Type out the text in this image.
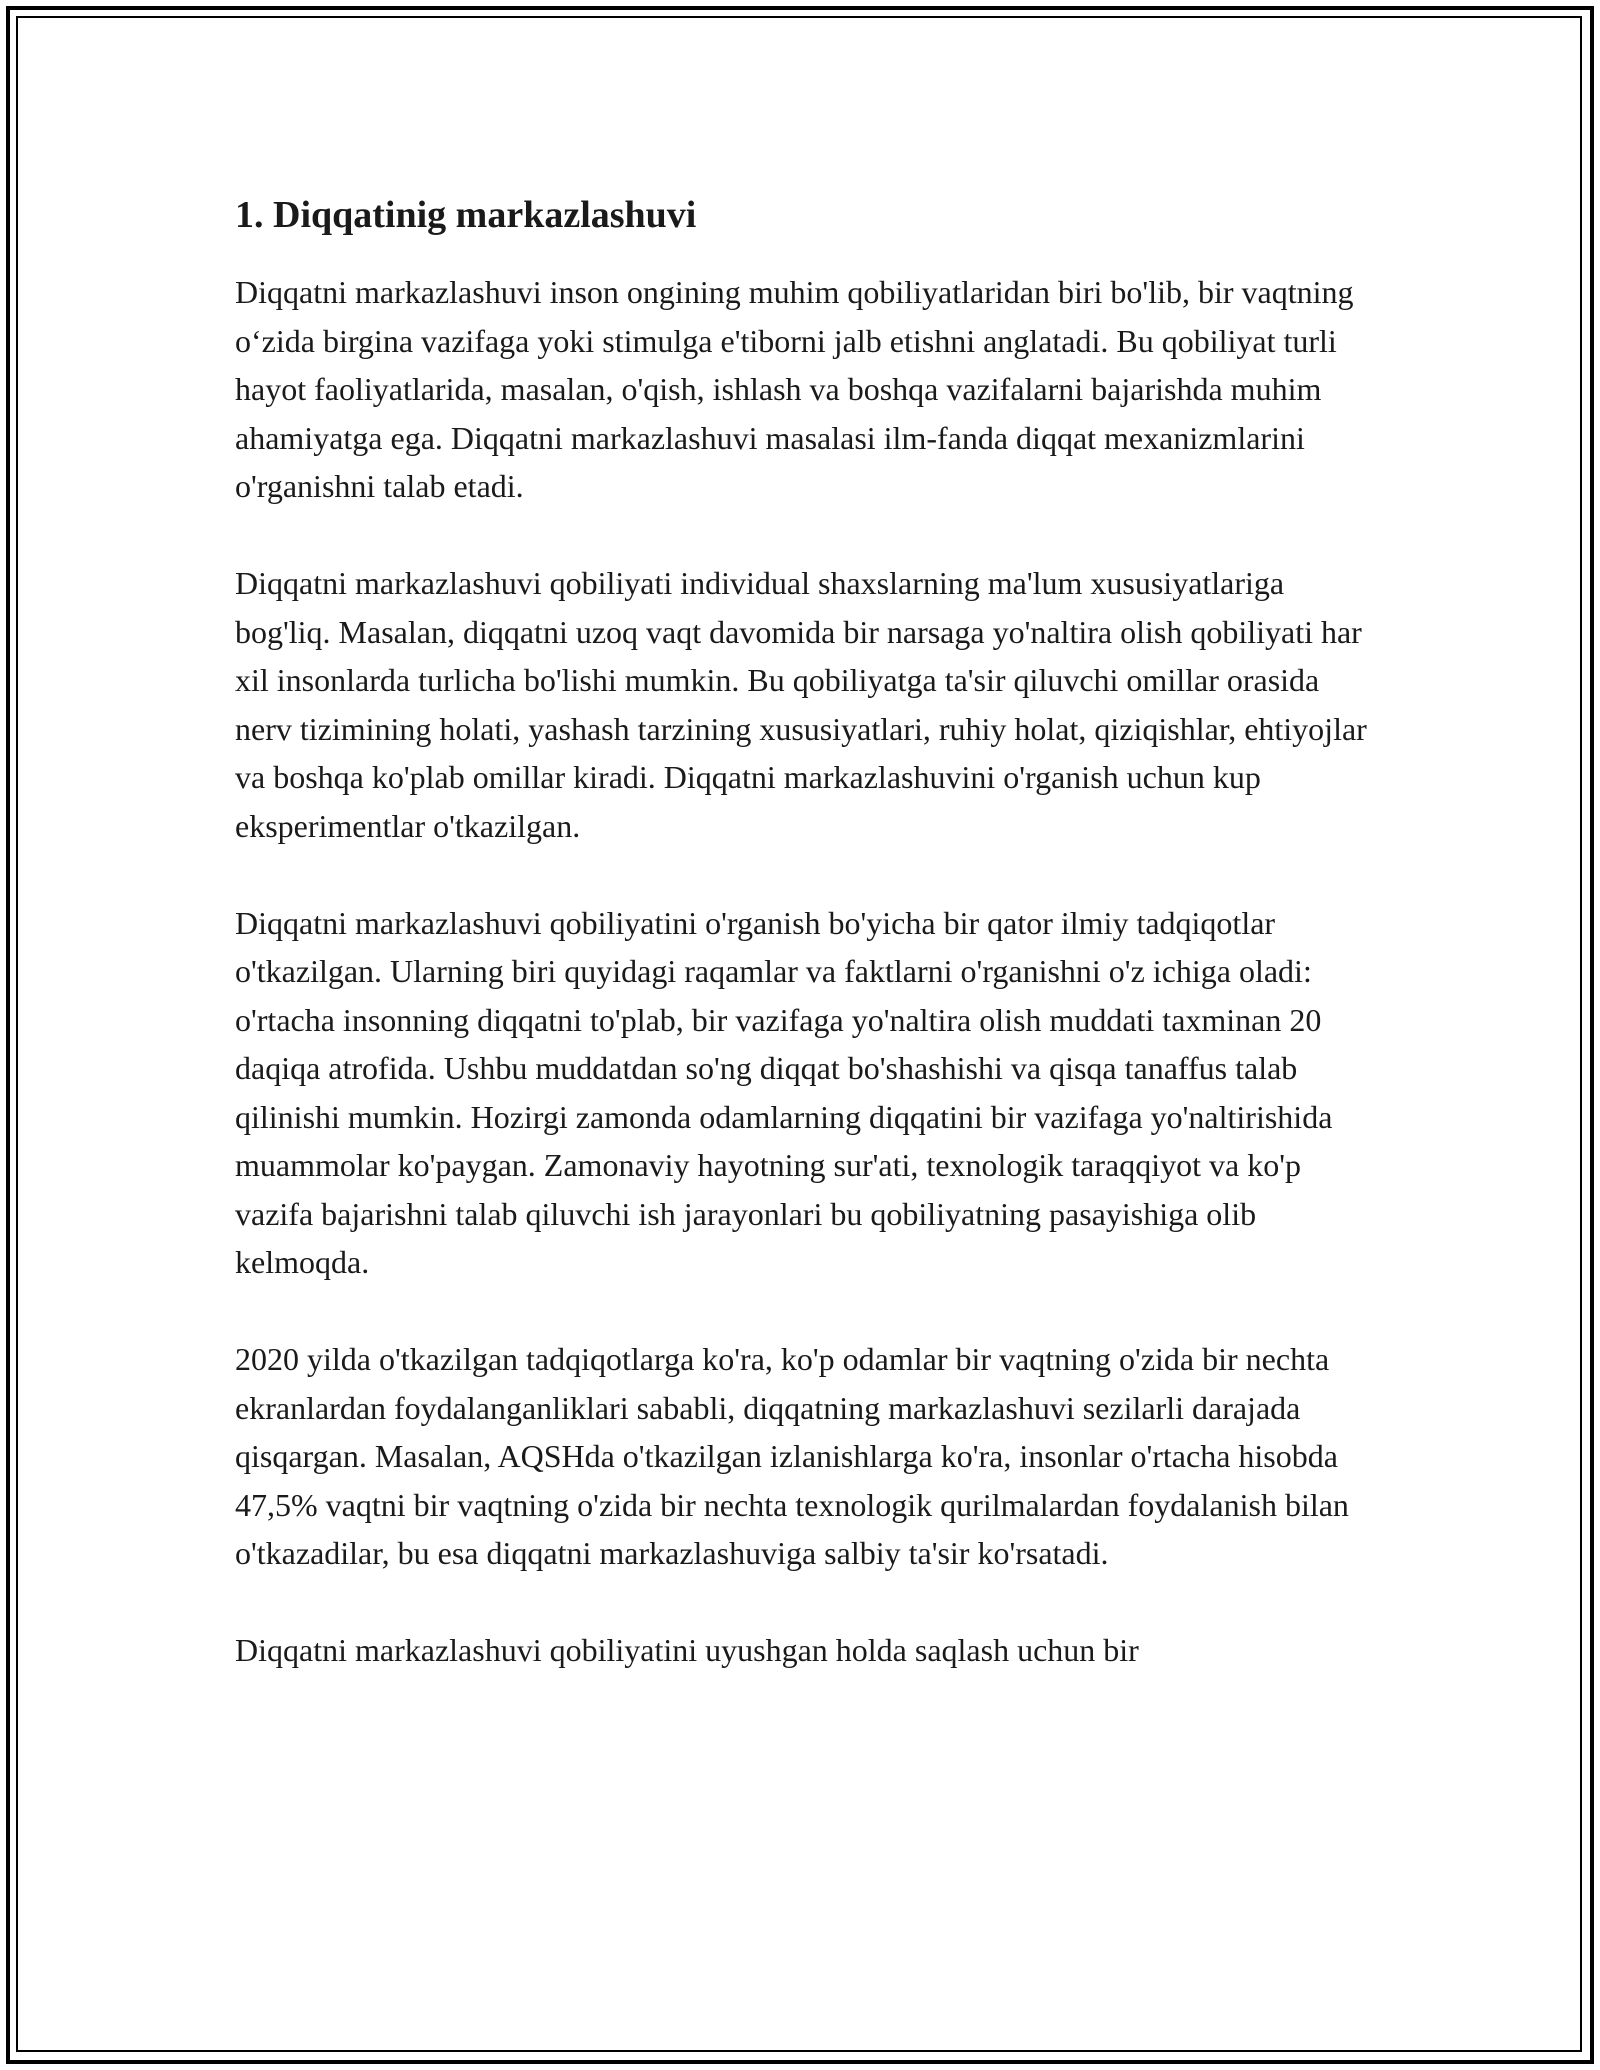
1. Diqqatinig markazlashuvi

Diqqatni markazlashuvi inson ongining muhim qobiliyatlaridan biri bo'lib, bir vaqtning o‘zida birgina vazifaga yoki stimulga e'tiborni jalb etishni anglatadi. Bu qobiliyat turli hayot faoliyatlarida, masalan, o'qish, ishlash va boshqa vazifalarni bajarishda muhim ahamiyatga ega. Diqqatni markazlashuvi masalasi ilm-fanda diqqat mexanizmlarini o'rganishni talab etadi.

Diqqatni markazlashuvi qobiliyati individual shaxslarning ma'lum xususiyatlariga bog'liq. Masalan, diqqatni uzoq vaqt davomida bir narsaga yo'naltira olish qobiliyati har xil insonlarda turlicha bo'lishi mumkin. Bu qobiliyatga ta'sir qiluvchi omillar orasida nerv tizimining holati, yashash tarzining xususiyatlari, ruhiy holat, qiziqishlar, ehtiyojlar va boshqa ko'plab omillar kiradi. Diqqatni markazlashuvini o'rganish uchun kup eksperimentlar o'tkazilgan.

Diqqatni markazlashuvi qobiliyatini o'rganish bo'yicha bir qator ilmiy tadqiqotlar o'tkazilgan. Ularning biri quyidagi raqamlar va faktlarni o'rganishni o'z ichiga oladi: o'rtacha insonning diqqatni to'plab, bir vazifaga yo'naltira olish muddati taxminan 20 daqiqa atrofida. Ushbu muddatdan so'ng diqqat bo'shashishi va qisqa tanaffus talab qilinishi mumkin. Hozirgi zamonda odamlarning diqqatini bir vazifaga yo'naltirishida muammolar ko'paygan. Zamonaviy hayotning sur'ati, texnologik taraqqiyot va ko'p vazifa bajarishni talab qiluvchi ish jarayonlari bu qobiliyatning pasayishiga olib kelmoqda.

2020 yilda o'tkazilgan tadqiqotlarga ko'ra, ko'p odamlar bir vaqtning o'zida bir nechta ekranlardan foydalanganliklari sababli, diqqatning markazlashuvi sezilarli darajada qisqargan. Masalan, AQSHda o'tkazilgan izlanishlarga ko'ra, insonlar o'rtacha hisobda 47,5% vaqtni bir vaqtning o'zida bir nechta texnologik qurilmalardan foydalanish bilan o'tkazadilar, bu esa diqqatni markazlashuviga salbiy ta'sir ko'rsatadi.

Diqqatni markazlashuvi qobiliyatini uyushgan holda saqlash uchun bir
